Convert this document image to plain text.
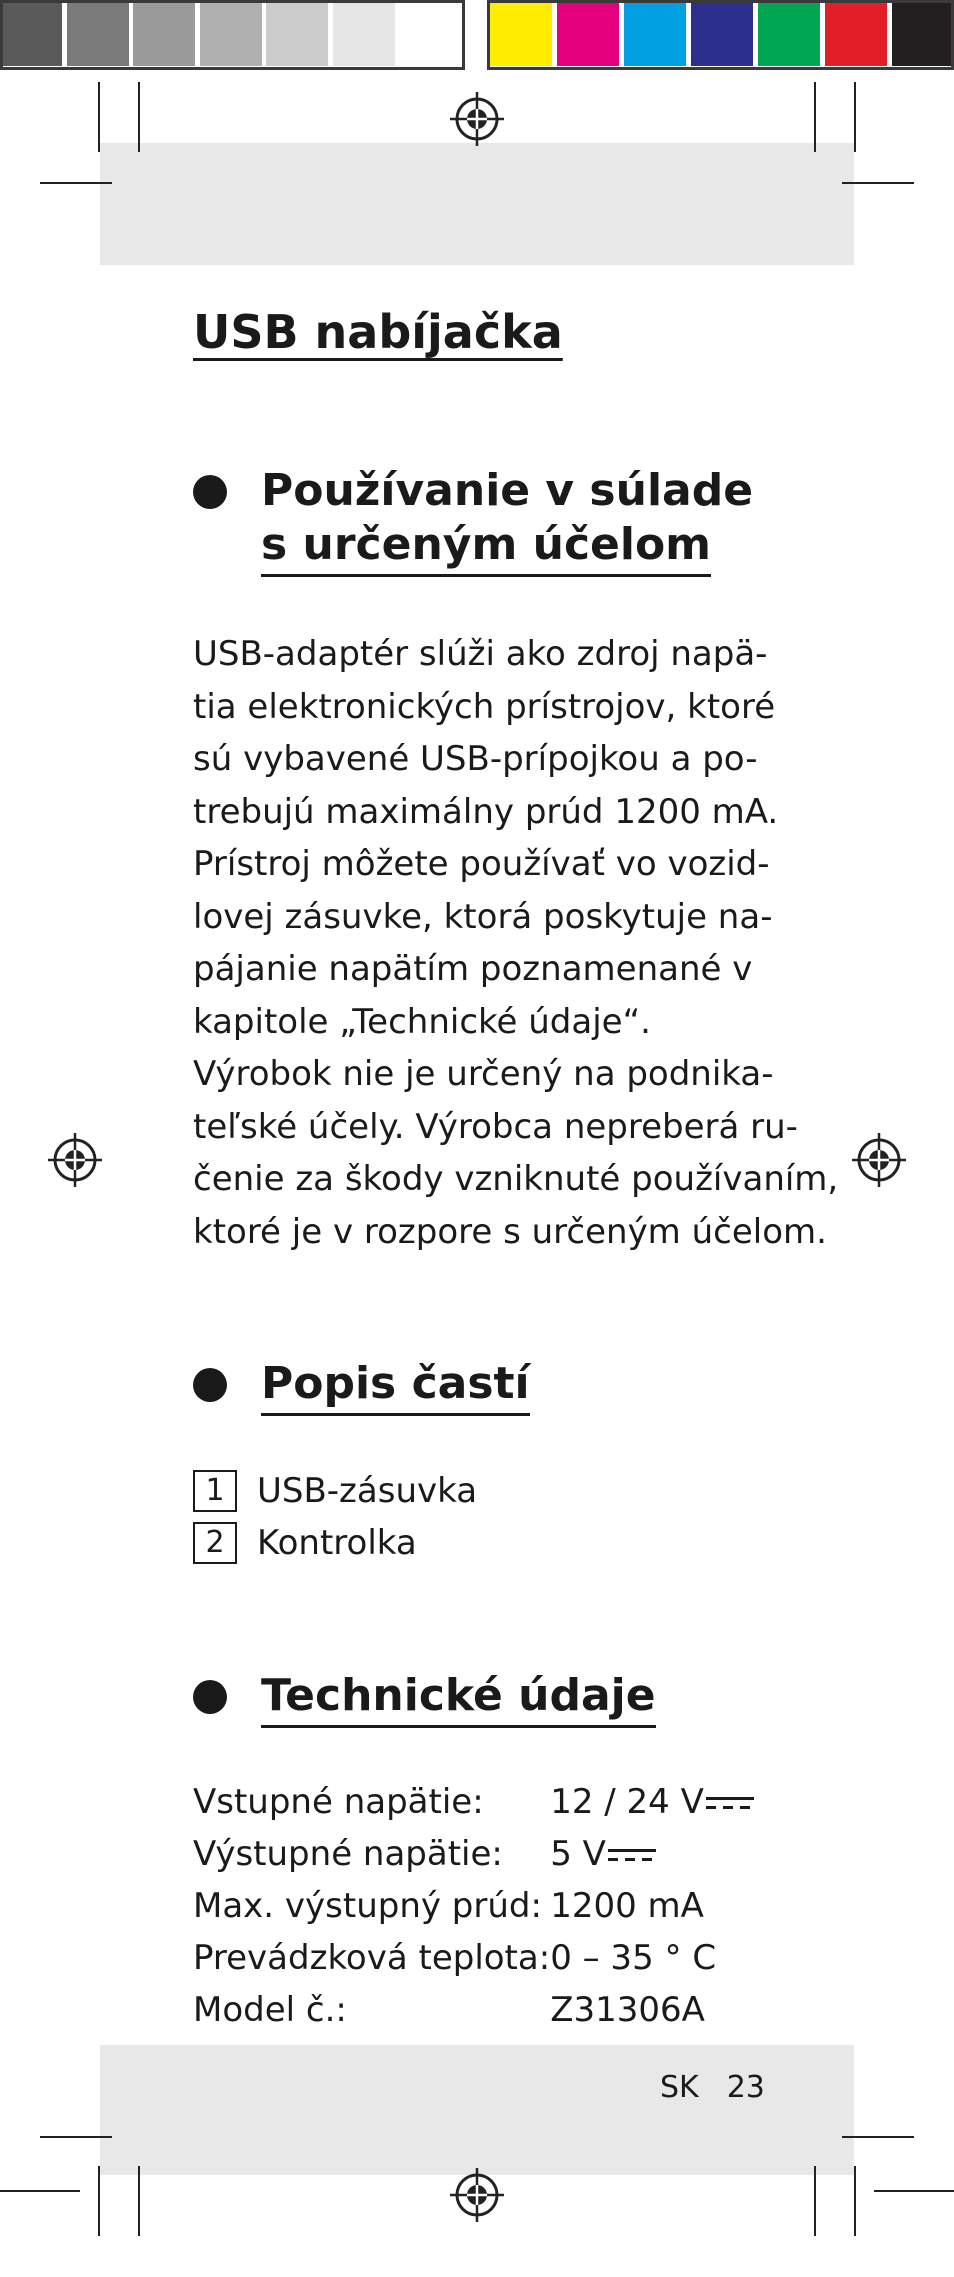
USB nabíjačka
Používanie v súlade
s určeným účelom

USB-adaptér slúži ako zdroj napä-
tia elektronických prístrojov, ktoré
sú vybavené USB-prípojkou a po-
trebujú maximálny prúd 1200 mA.
Prístroj môžete používať vo vozid-
lovej zásuvke, ktorá poskytuje na-
pájanie napätím poznamenané v
kapitole „Technické údaje“.
Výrobok nie je určený na podnika-
teľské účely. Výrobca nepreberá ru-
čenie za škody vzniknuté používaním,
ktoré je v rozpore s určeným účelom.

Popis častí
1 USB-zásuvka
2 Kontrolka
Technické údaje
Vstupné napätie:	12 / 24 V
Výstupné napätie:	5 V
Max. výstupný prúd:	1200 mA
Prevádzková teplota:	0 – 35 ° C
Model č.:	Z31306A
SK 23
